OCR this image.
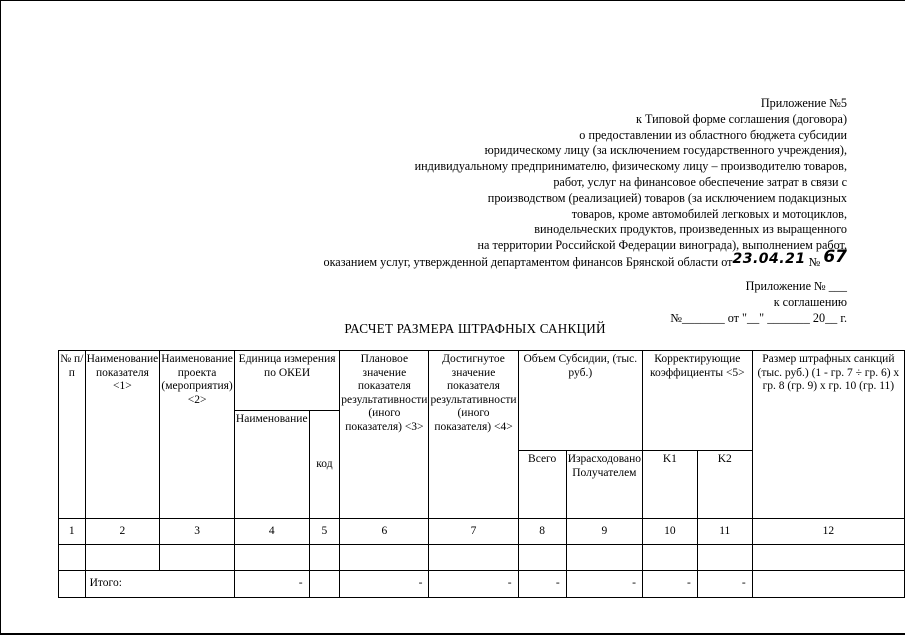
Приложение №5
к Типовой форме соглашения (договора)
о предоставлении из областного бюджета субсидии
юридическому лицу (за исключением государственного учреждения),
индивидуальному предпринимателю, физическому лицу – производителю товаров,
работ, услуг на финансовое обеспечение затрат в связи с
производством (реализацией) товаров (за исключением подакцизных
товаров, кроме автомобилей легковых и мотоциклов,
винодельческих продуктов, произведенных из выращенного
на территории Российской Федерации винограда), выполнением работ,
оказанием услуг, утвержденной департаментом финансов Брянской области от23.04.21 № 67
Приложение № ___
к соглашению
№_______ от "__" _______ 20__ г.
РАСЧЕТ РАЗМЕРА ШТРАФНЫХ САНКЦИЙ
№ п/п	Наименование показателя <1>	Наименование проекта (мероприятия) <2>	Единица измерения по ОКЕИ		Плановое значение показателя результативности (иного показателя) <3>	Достигнутое значение показателя результативности (иного показателя) <4>	Объем Субсидии, (тыс. руб.)		Корректирующие коэффициенты <5>		Размер штрафных санкций (тыс. руб.) (1 - гр. 7 ÷ гр. 6) x гр. 8 (гр. 9) x гр. 10 (гр. 11)
			Наименование	код							
							Всего	Израсходовано Получателем	K1	K2	
1	2	3	4	5	6	7	8	9	10	11	12

	Итого:		-		-	-	-	-	-	-	
